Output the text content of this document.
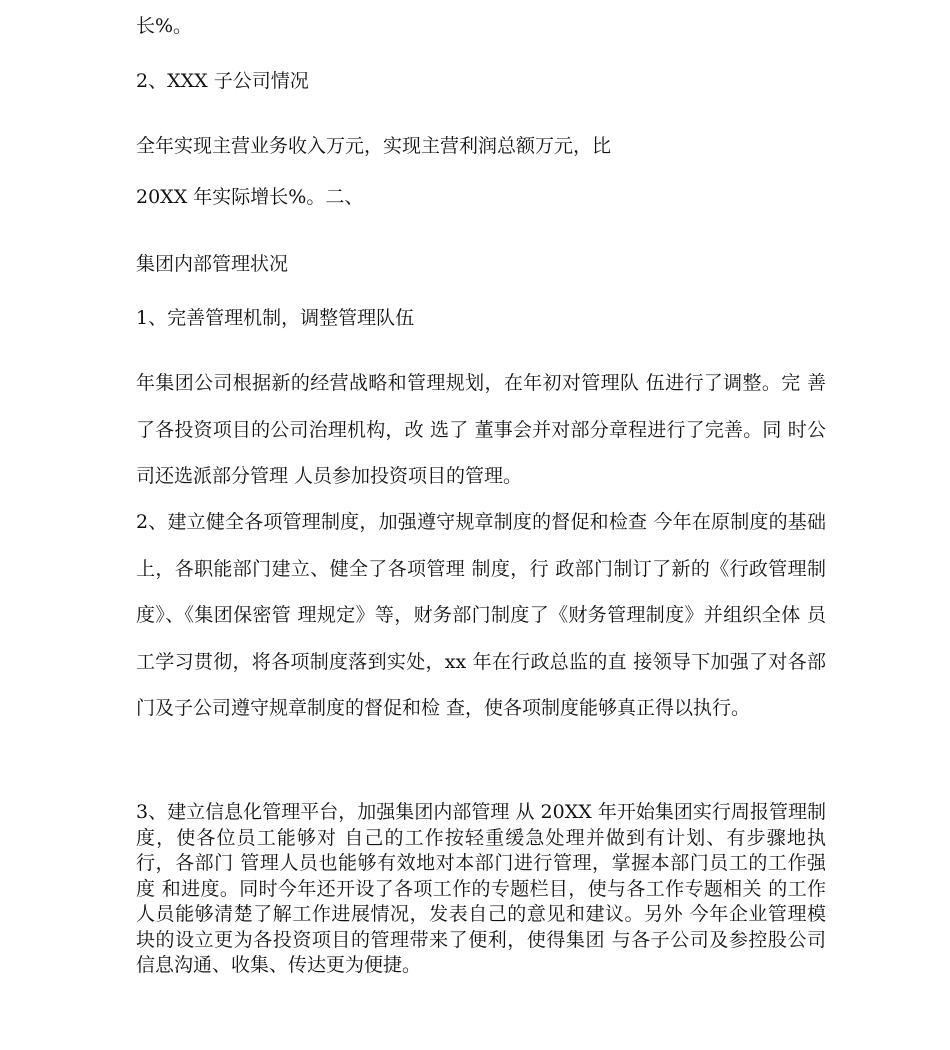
长%。

2、XXX 子公司情况

全年实现主营业务收入万元，实现主营利润总额万元，比

20XX 年实际增长%。二、

集团内部管理状况

1、完善管理机制，调整管理队伍

年集团公司根据新的经营战略和管理规划，在年初对管理队 伍进行了调整。完 善了各投资项目的公司治理机构，改 选了 董事会并对部分章程进行了完善。同 时公司还选派部分管理 人员参加投资项目的管理。

2、建立健全各项管理制度，加强遵守规章制度的督促和检查 今年在原制度的基础上，各职能部门建立、健全了各项管理 制度，行 政部门制订了新的《行政管理制 度》、《集团保密管 理规定》等，财务部门制度了《财务管理制度》并组织全体 员工学习贯彻，将各项制度落到实处，xx 年在行政总监的直 接领导下加强了对各部门及子公司遵守规章制度的督促和检 查，使各项制度能够真正得以执行。

3、建立信息化管理平台，加强集团内部管理 从 20XX 年开始集团实行周报管理制度，使各位员工能够对 自己的工作按轻重缓急处理并做到有计划、有步骤地执行，各部门 管理人员也能够有效地对本部门进行管理，掌握本部门员工的工作强度 和进度。同时今年还开设了各项工作的专题栏目，使与各工作专题相关 的工作人员能够清楚了解工作进展情况，发表自己的意见和建议。另外 今年企业管理模块的设立更为各投资项目的管理带来了便利，使得集团 与各子公司及参控股公司信息沟通、收集、传达更为便捷。
